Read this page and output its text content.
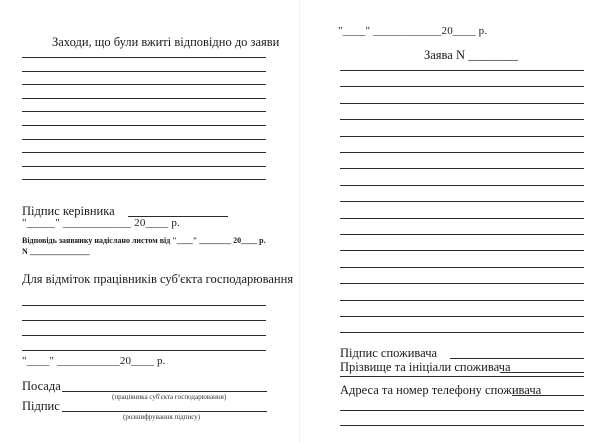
Заходи, що були вжиті відповідно до заяви
Підпис керівника
"_____" ____________ 20____ р.
Відповідь заявнику надіслано листом від "____" ________ 20____ р.
N _______________
Для відміток працівників суб'єкта господарювання
"____" ___________20____ р.
Посада
(працівника суб'єкта господарювання)
Підпис
(розшифрування підпису)
"____" ____________20____ р.
Заява N ________
Підпис споживача
Прізвище та ініціали споживача
Адреса та номер телефону споживача
